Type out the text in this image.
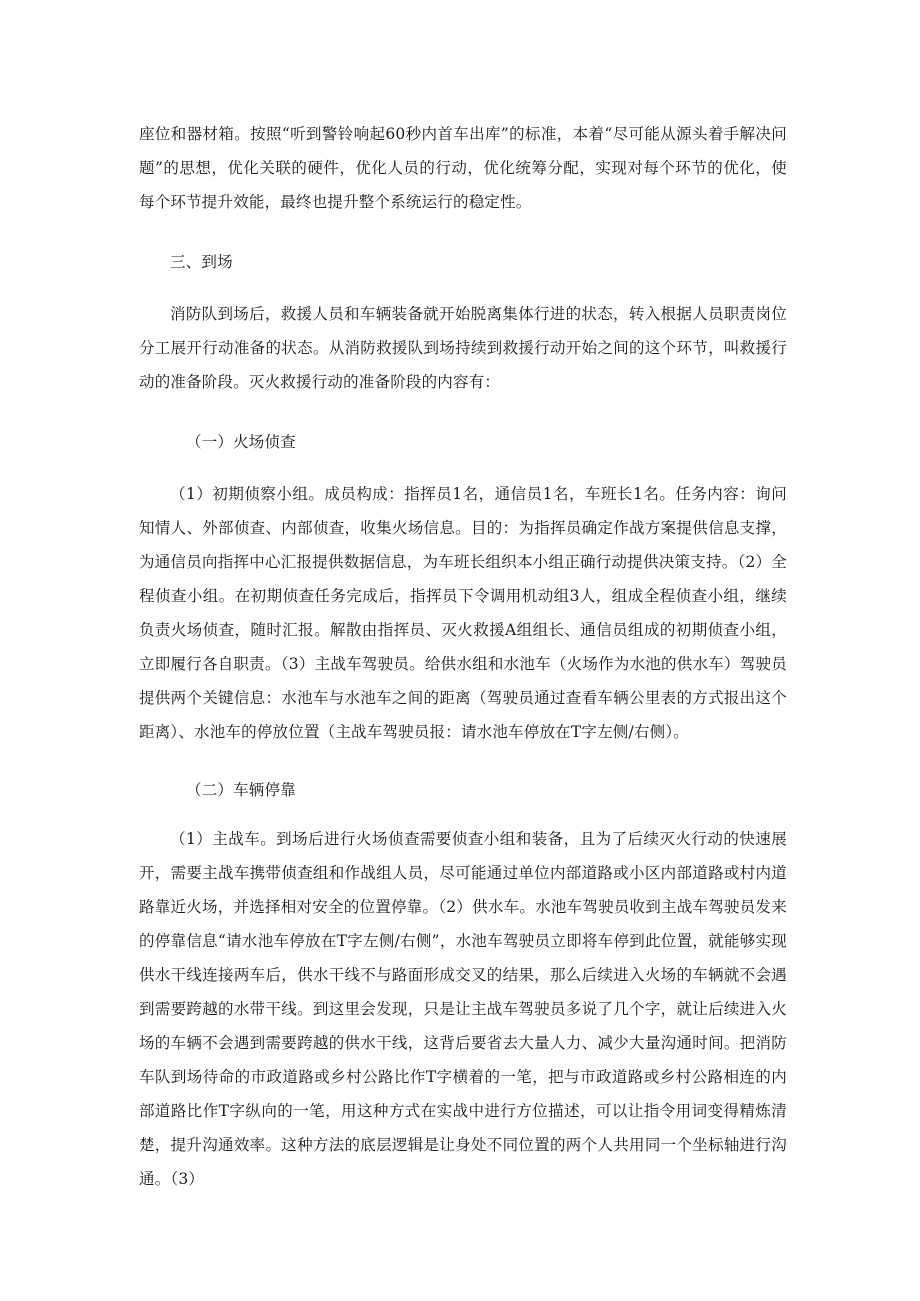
座位和器材箱。按照“听到警铃响起60秒内首车出库”的标准，本着“尽可能从源头着手解决问题”的思想，优化关联的硬件，优化人员的行动，优化统筹分配，实现对每个环节的优化，使每个环节提升效能，最终也提升整个系统运行的稳定性。

三、到场

消防队到场后，救援人员和车辆装备就开始脱离集体行进的状态，转入根据人员职责岗位分工展开行动准备的状态。从消防救援队到场持续到救援行动开始之间的这个环节，叫救援行动的准备阶段。灭火救援行动的准备阶段的内容有：

（一）火场侦查

（1）初期侦察小组。成员构成：指挥员1名，通信员1名，车班长1名。任务内容：询问知情人、外部侦查、内部侦查，收集火场信息。目的：为指挥员确定作战方案提供信息支撑，为通信员向指挥中心汇报提供数据信息，为车班长组织本小组正确行动提供决策支持。（2）全程侦查小组。在初期侦查任务完成后，指挥员下令调用机动组3人，组成全程侦查小组，继续负责火场侦查，随时汇报。解散由指挥员、灭火救援A组组长、通信员组成的初期侦查小组，立即履行各自职责。（3）主战车驾驶员。给供水组和水池车（火场作为水池的供水车）驾驶员提供两个关键信息：水池车与水池车之间的距离（驾驶员通过查看车辆公里表的方式报出这个距离）、水池车的停放位置（主战车驾驶员报：请水池车停放在T字左侧/右侧）。

（二）车辆停靠

（1）主战车。到场后进行火场侦查需要侦查小组和装备，且为了后续灭火行动的快速展开，需要主战车携带侦查组和作战组人员，尽可能通过单位内部道路或小区内部道路或村内道路靠近火场，并选择相对安全的位置停靠。（2）供水车。水池车驾驶员收到主战车驾驶员发来的停靠信息“请水池车停放在T字左侧/右侧”，水池车驾驶员立即将车停到此位置，就能够实现供水干线连接两车后，供水干线不与路面形成交叉的结果，那么后续进入火场的车辆就不会遇到需要跨越的水带干线。到这里会发现，只是让主战车驾驶员多说了几个字，就让后续进入火场的车辆不会遇到需要跨越的供水干线，这背后要省去大量人力、减少大量沟通时间。把消防车队到场待命的市政道路或乡村公路比作T字横着的一笔，把与市政道路或乡村公路相连的内部道路比作T字纵向的一笔，用这种方式在实战中进行方位描述，可以让指令用词变得精炼清楚，提升沟通效率。这种方法的底层逻辑是让身处不同位置的两个人共用同一个坐标轴进行沟通。（3）
